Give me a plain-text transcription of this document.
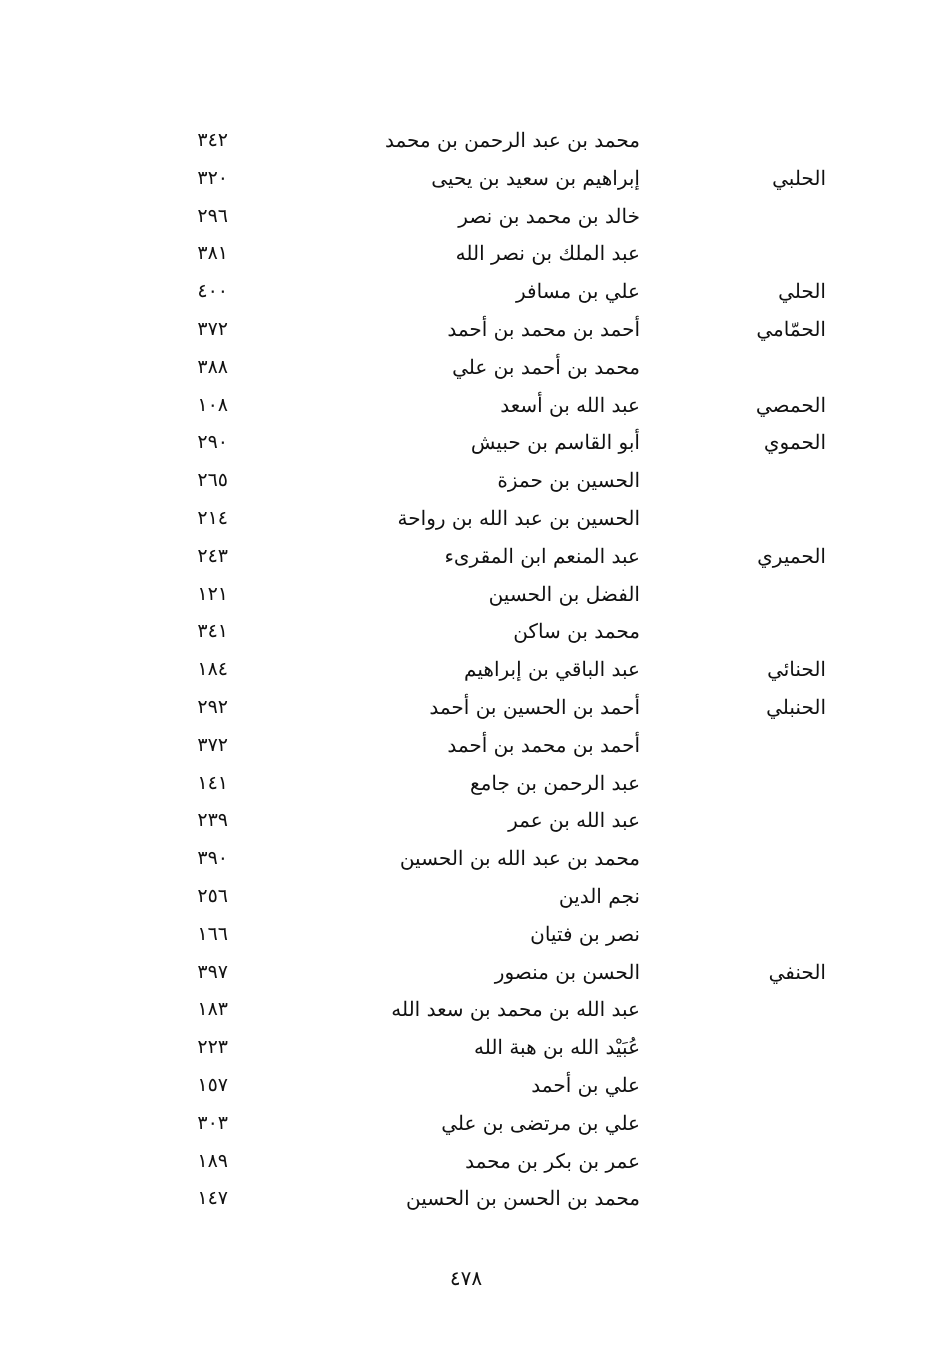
محمد بن عبد الرحمن بن محمد
٣٤٢
الحلبي
إبراهيم بن سعيد بن يحيى
٣٢٠
خالد بن محمد بن نصر
٢٩٦
عبد الملك بن نصر الله
٣٨١
الحلي
علي بن مسافر
٤٠٠
الحمّامي
أحمد بن محمد بن أحمد
٣٧٢
محمد بن أحمد بن علي
٣٨٨
الحمصي
عبد الله بن أسعد
١٠٨
الحموي
أبو القاسم بن حبيش
٢٩٠
الحسين بن حمزة
٢٦٥
الحسين بن عبد الله بن رواحة
٢١٤
الحميري
عبد المنعم ابن المقرىء
٢٤٣
الفضل بن الحسين
١٢١
محمد بن ساكن
٣٤١
الحنائي
عبد الباقي بن إبراهيم
١٨٤
الحنبلي
أحمد بن الحسين بن أحمد
٢٩٢
أحمد بن محمد بن أحمد
٣٧٢
عبد الرحمن بن جامع
١٤١
عبد الله بن عمر
٢٣٩
محمد بن عبد الله بن الحسين
٣٩٠
نجم الدين
٢٥٦
نصر بن فتيان
١٦٦
الحنفي
الحسن بن منصور
٣٩٧
عبد الله بن محمد بن سعد الله
١٨٣
عُبَيْد الله بن هبة الله
٢٢٣
علي بن أحمد
١٥٧
علي بن مرتضى بن علي
٣٠٣
عمر بن بكر بن محمد
١٨٩
محمد بن الحسن بن الحسين
١٤٧
٤٧٨
